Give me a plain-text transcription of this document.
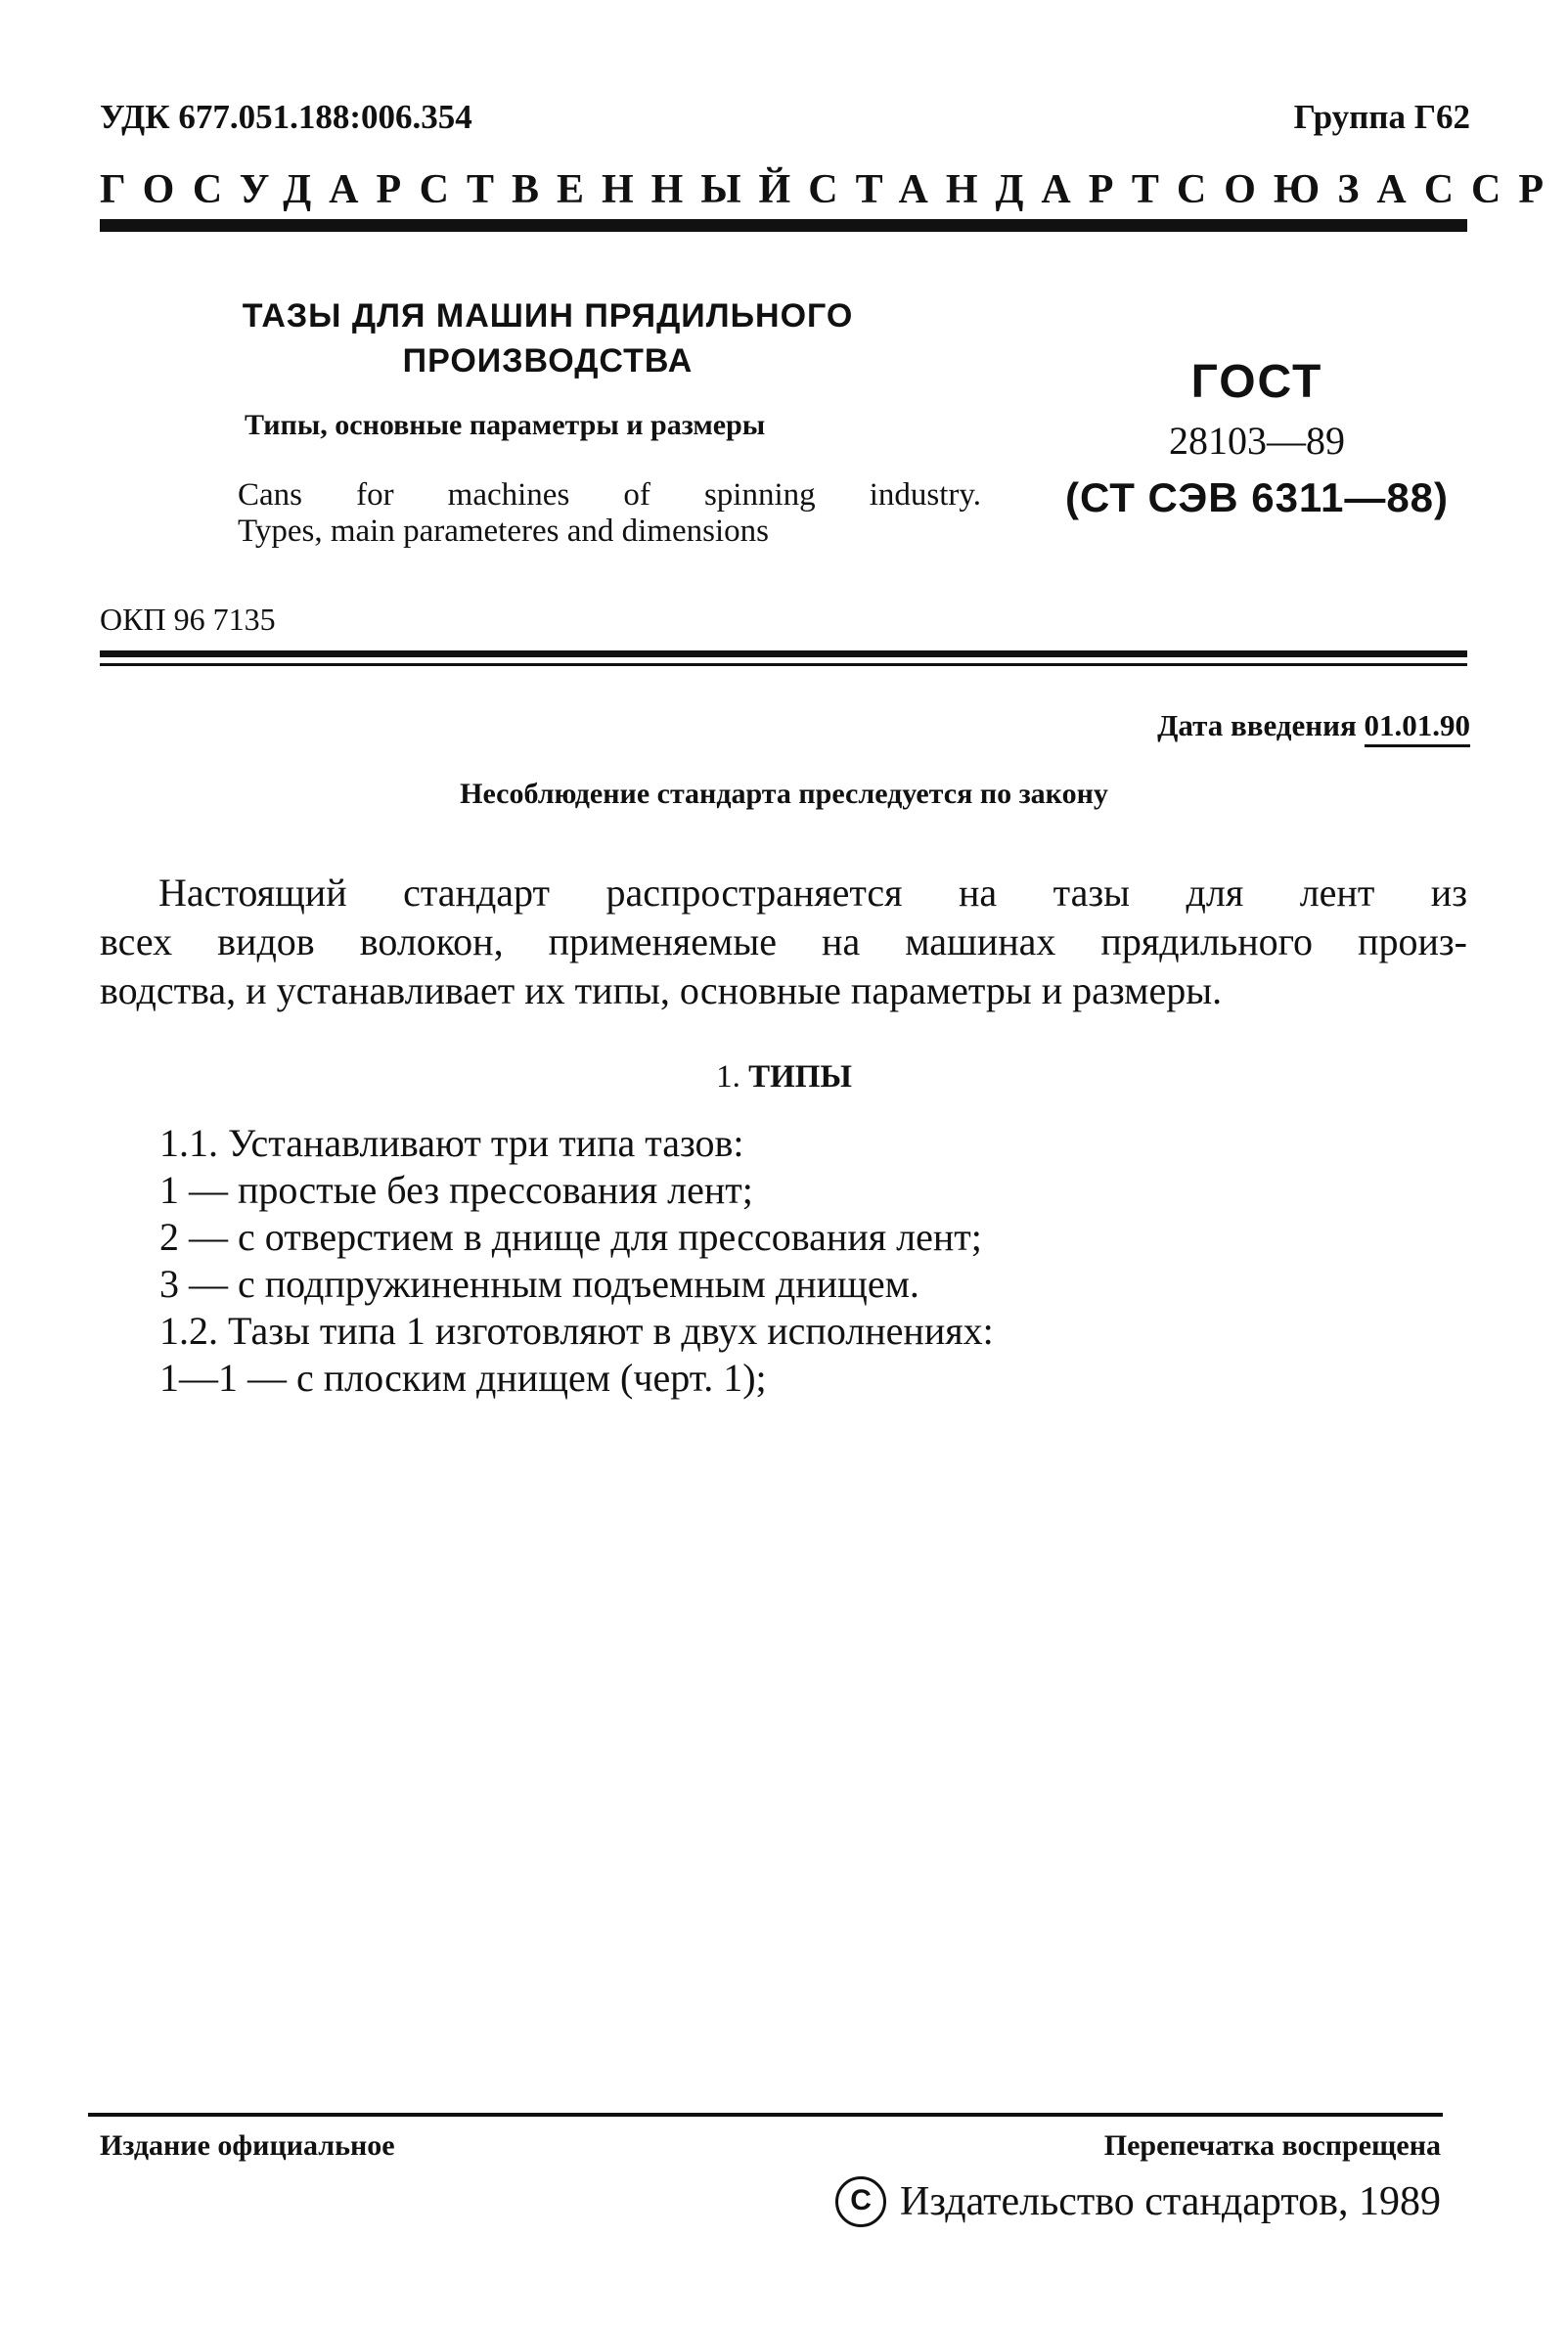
УДК 677.051.188:006.354	Группа Г62
ГОСУДАРСТВЕННЫЙ СТАНДАРТ СОЮЗА ССР
ТАЗЫ ДЛЯ МАШИН ПРЯДИЛЬНОГО
ПРОИЗВОДСТВА
Типы, основные параметры и размеры
Cans for machines of spinning industry.
Types, main parameteres and dimensions
ГОСТ
28103—89
(СТ СЭВ 6311—88)
ОКП 96 7135
Дата введения 01.01.90
Несоблюдение стандарта преследуется по закону
Настоящий стандарт распространяется на тазы для лент из
всех видов волокон, применяемые на машинах прядильного произ-
водства, и устанавливает их типы, основные параметры и размеры.
1. ТИПЫ
1.1. Устанавливают три типа тазов:
1 — простые без прессования лент;
2 — с отверстием в днище для прессования лент;
3 — с подпружиненным подъемным днищем.
1.2. Тазы типа 1 изготовляют в двух исполнениях:
1—1 — с плоским днищем (черт. 1);
Издание официальное	Перепечатка воспрещена
C Издательство стандартов, 1989
